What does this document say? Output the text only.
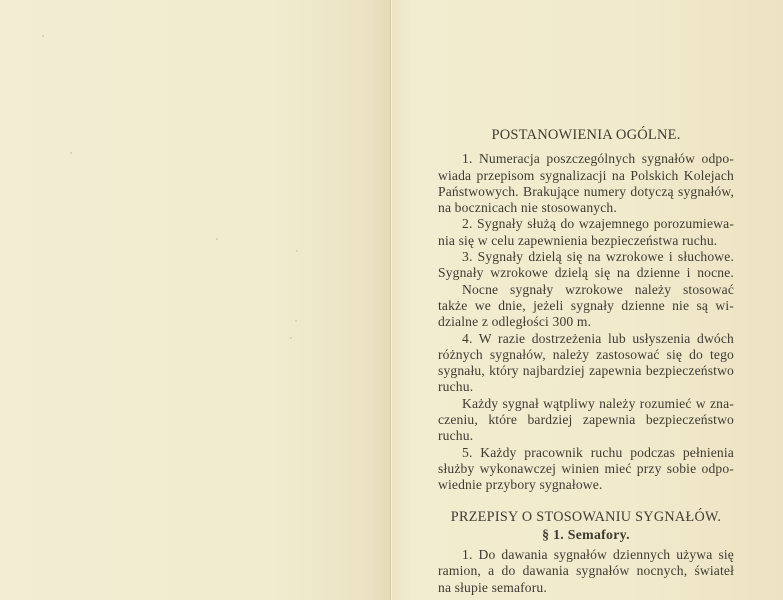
POSTANOWIENIA OGÓLNE.
1. Numeracja poszczególnych sygnałów odpo-
wiada przepisom sygnalizacji na Polskich Kolejach
Państwowych. Brakujące numery dotyczą sygnałów,
na bocznicach nie stosowanych.
2. Sygnały służą do wzajemnego porozumiewa-
nia się w celu zapewnienia bezpieczeństwa ruchu.
3. Sygnały dzielą się na wzrokowe i słuchowe.
Sygnały wzrokowe dzielą się na dzienne i nocne.
Nocne sygnały wzrokowe należy stosować
także we dnie, jeżeli sygnały dzienne nie są wi-
dzialne z odległości 300 m.
4. W razie dostrzeżenia lub usłyszenia dwóch
różnych sygnałów, należy zastosować się do tego
sygnału, który najbardziej zapewnia bezpieczeństwo
ruchu.
Każdy sygnał wątpliwy należy rozumieć w zna-
czeniu, które bardziej zapewnia bezpieczeństwo
ruchu.
5. Każdy pracownik ruchu podczas pełnienia
służby wykonawczej winien mieć przy sobie odpo-
wiednie przybory sygnałowe.
PRZEPISY O STOSOWANIU SYGNAŁÓW.
§ 1. Semafory.
1. Do dawania sygnałów dziennych używa się
ramion, a do dawania sygnałów nocnych, świateł
na słupie semaforu.
